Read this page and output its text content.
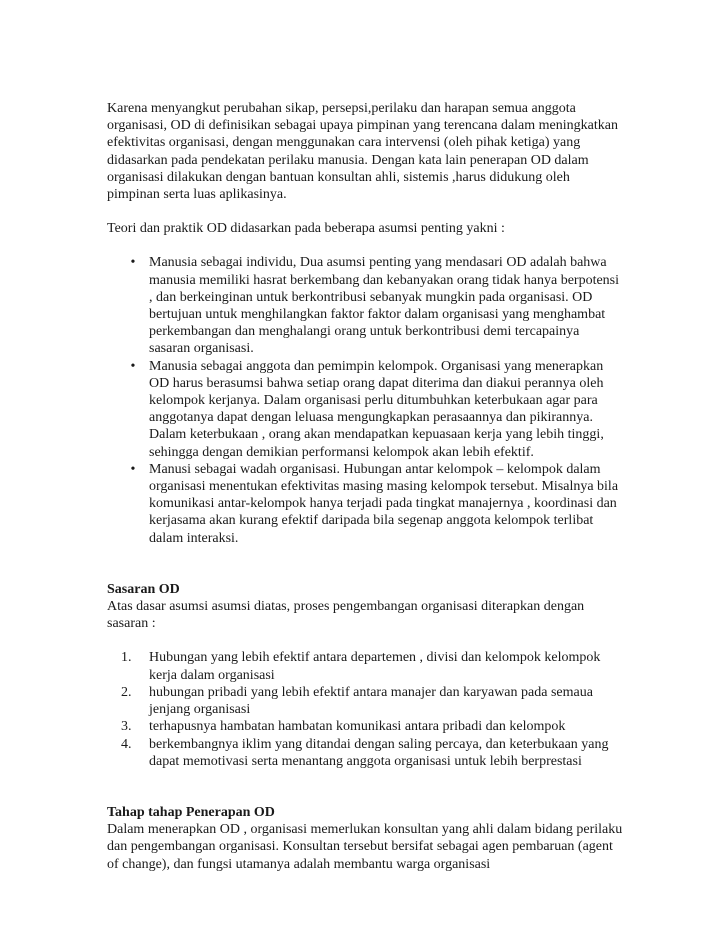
Karena menyangkut perubahan sikap, persepsi,perilaku dan harapan semua anggota organisasi, OD di definisikan sebagai upaya pimpinan yang terencana dalam meningkatkan efektivitas organisasi, dengan menggunakan cara intervensi (oleh pihak ketiga) yang didasarkan pada pendekatan perilaku manusia. Dengan kata lain penerapan OD dalam organisasi dilakukan dengan bantuan konsultan ahli, sistemis ,harus didukung oleh pimpinan serta luas aplikasinya.

Teori dan praktik OD didasarkan pada beberapa asumsi penting yakni :

• Manusia sebagai individu, Dua asumsi penting yang mendasari OD adalah bahwa manusia memiliki hasrat berkembang dan kebanyakan orang tidak hanya berpotensi , dan berkeinginan untuk berkontribusi sebanyak mungkin pada organisasi. OD bertujuan untuk menghilangkan faktor faktor dalam organisasi yang menghambat perkembangan dan menghalangi orang untuk berkontribusi demi tercapainya sasaran organisasi.
• Manusia sebagai anggota dan pemimpin kelompok. Organisasi yang menerapkan OD harus berasumsi bahwa setiap orang dapat diterima dan diakui perannya oleh kelompok kerjanya. Dalam organisasi perlu ditumbuhkan keterbukaan agar para anggotanya dapat dengan leluasa mengungkapkan perasaannya dan pikirannya. Dalam keterbukaan , orang akan mendapatkan kepuasaan kerja yang lebih tinggi, sehingga dengan demikian performansi kelompok akan lebih efektif.
• Manusi sebagai wadah organisasi. Hubungan antar kelompok – kelompok dalam organisasi menentukan efektivitas masing masing kelompok tersebut. Misalnya bila komunikasi antar-kelompok hanya terjadi pada tingkat manajernya , koordinasi dan kerjasama akan kurang efektif daripada bila segenap anggota kelompok terlibat dalam interaksi.

Sasaran OD

Atas dasar asumsi asumsi diatas, proses pengembangan organisasi diterapkan dengan sasaran :

1.	Hubungan yang lebih efektif antara departemen , divisi dan kelompok kelompok kerja dalam organisasi
2.	hubungan pribadi yang lebih efektif antara manajer dan karyawan pada semaua jenjang organisasi
3.	terhapusnya hambatan hambatan komunikasi antara pribadi dan kelompok
4.	berkembangnya iklim yang ditandai dengan saling percaya, dan keterbukaan yang dapat memotivasi serta menantang anggota organisasi untuk lebih berprestasi

Tahap tahap Penerapan OD

Dalam menerapkan OD , organisasi memerlukan konsultan yang ahli dalam bidang perilaku dan pengembangan organisasi. Konsultan tersebut bersifat sebagai agen pembaruan (agent of change), dan fungsi utamanya adalah membantu warga organisasi
